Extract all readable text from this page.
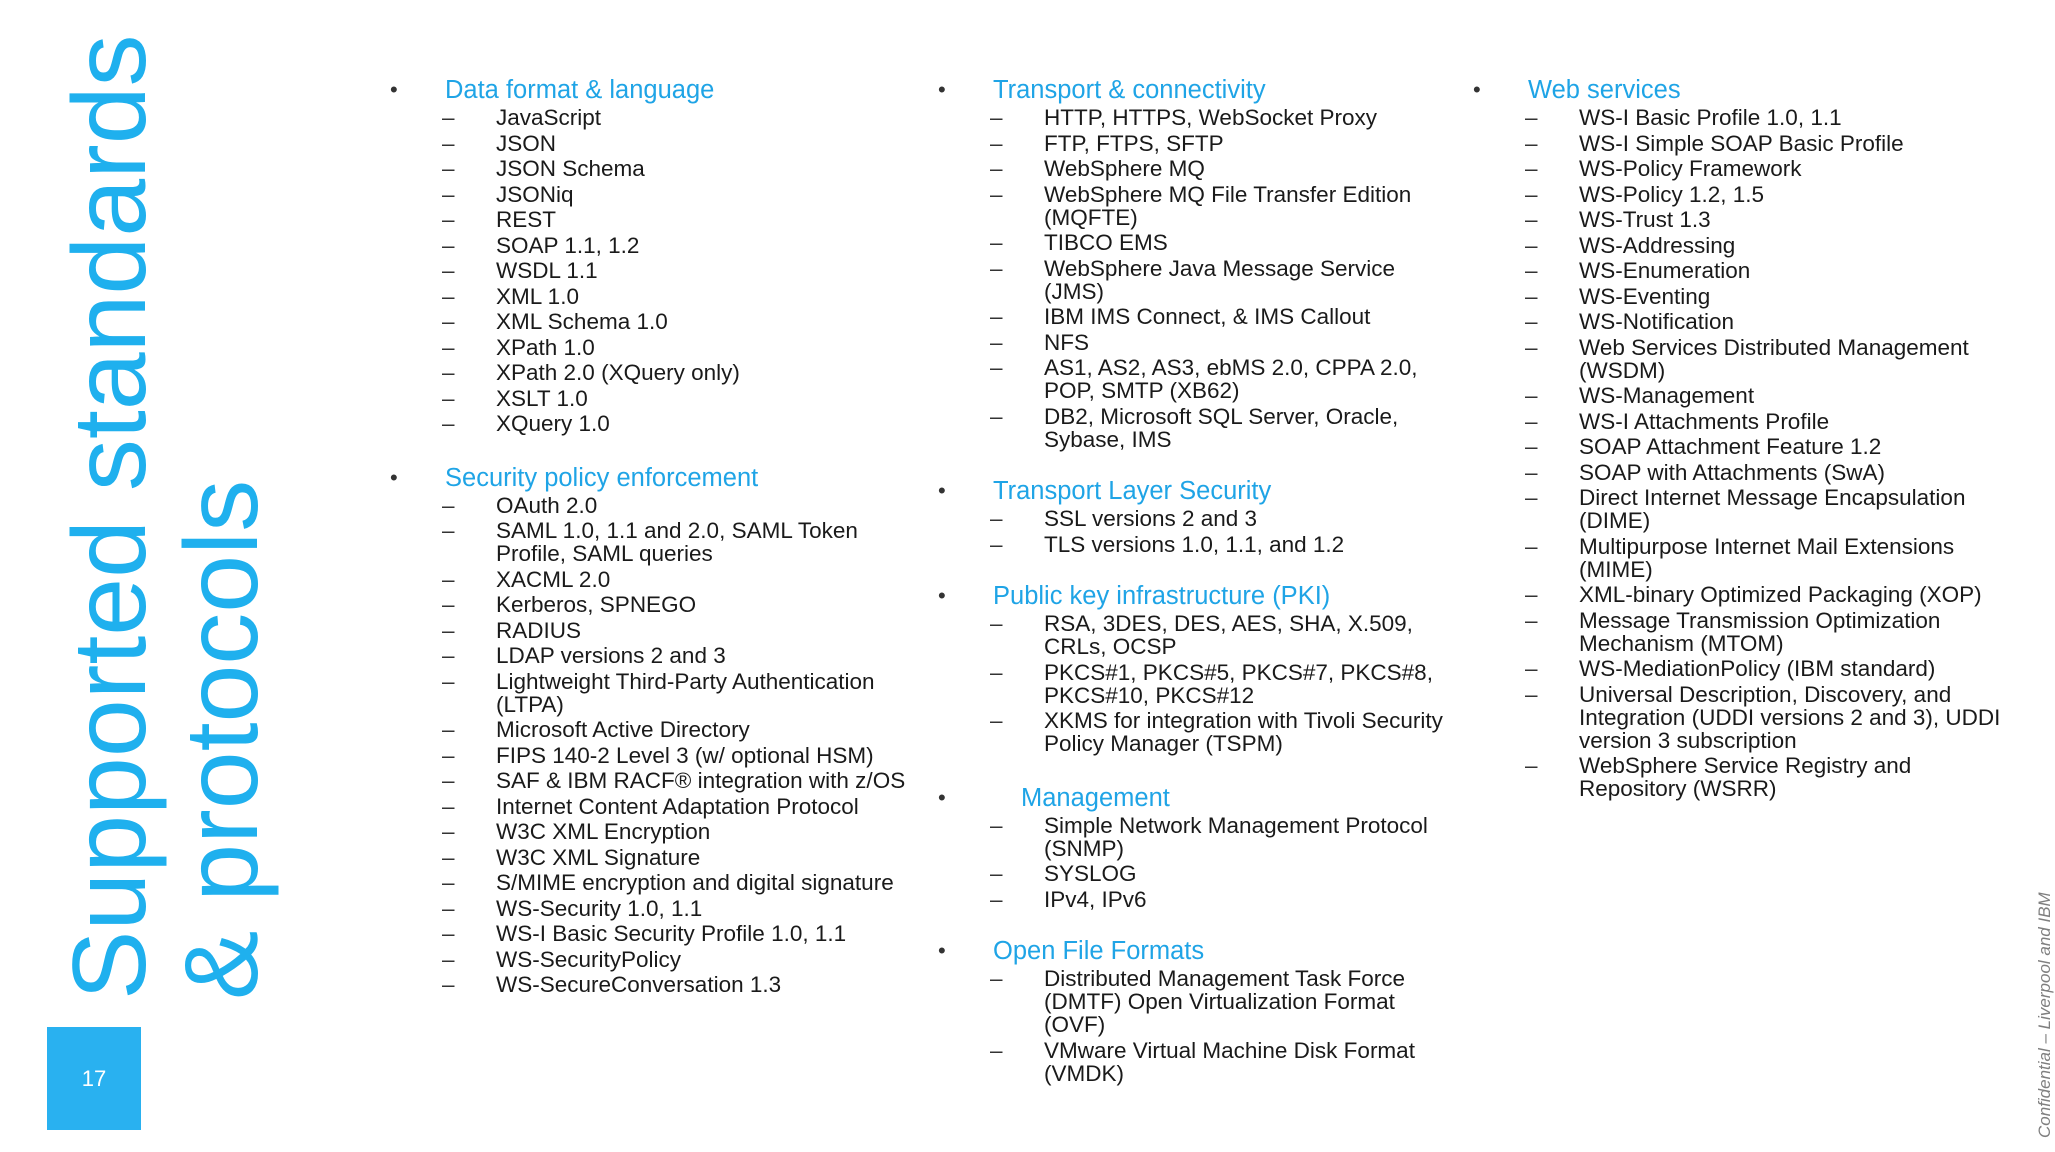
Supported standards
& protocols
17	Confidential – Liverpool and IBM
• Data format & language
– JavaScript
– JSON
– JSON Schema
– JSONiq
– REST
– SOAP 1.1, 1.2
– WSDL 1.1
– XML 1.0
– XML Schema 1.0
– XPath 1.0
– XPath 2.0 (XQuery only)
– XSLT 1.0
– XQuery 1.0
• Security policy enforcement
– OAuth 2.0
– SAML 1.0, 1.1 and 2.0, SAML Token Profile, SAML queries
– XACML 2.0
– Kerberos, SPNEGO
– RADIUS
– LDAP versions 2 and 3
– Lightweight Third-Party Authentication (LTPA)
– Microsoft Active Directory
– FIPS 140-2 Level 3 (w/ optional HSM)
– SAF & IBM RACF® integration with z/OS
– Internet Content Adaptation Protocol
– W3C XML Encryption
– W3C XML Signature
– S/MIME encryption and digital signature
– WS-Security 1.0, 1.1
– WS-I Basic Security Profile 1.0, 1.1
– WS-SecurityPolicy
– WS-SecureConversation 1.3
• Transport & connectivity
– HTTP, HTTPS, WebSocket Proxy
– FTP, FTPS, SFTP
– WebSphere MQ
– WebSphere MQ File Transfer Edition (MQFTE)
– TIBCO EMS
– WebSphere Java Message Service (JMS)
– IBM IMS Connect, & IMS Callout
– NFS
– AS1, AS2, AS3, ebMS 2.0, CPPA 2.0, POP, SMTP (XB62)
– DB2, Microsoft SQL Server, Oracle, Sybase, IMS
• Transport Layer Security
– SSL versions 2 and 3
– TLS versions 1.0, 1.1, and 1.2
• Public key infrastructure (PKI)
– RSA, 3DES, DES, AES, SHA, X.509, CRLs, OCSP
– PKCS#1, PKCS#5, PKCS#7, PKCS#8, PKCS#10, PKCS#12
– XKMS for integration with Tivoli Security Policy Manager (TSPM)
•	Management
– Simple Network Management Protocol (SNMP)
– SYSLOG
– IPv4, IPv6
• Open File Formats
– Distributed Management Task Force (DMTF) Open Virtualization Format (OVF)
– VMware Virtual Machine Disk Format (VMDK)
• Web services
– WS-I Basic Profile 1.0, 1.1
– WS-I Simple SOAP Basic Profile
– WS-Policy Framework
– WS-Policy 1.2, 1.5
– WS-Trust 1.3
– WS-Addressing
– WS-Enumeration
– WS-Eventing
– WS-Notification
– Web Services Distributed Management (WSDM)
– WS-Management
– WS-I Attachments Profile
– SOAP Attachment Feature 1.2
– SOAP with Attachments (SwA)
– Direct Internet Message Encapsulation (DIME)
– Multipurpose Internet Mail Extensions (MIME)
– XML-binary Optimized Packaging (XOP)
– Message Transmission Optimization Mechanism (MTOM)
– WS-MediationPolicy (IBM standard)
– Universal Description, Discovery, and Integration (UDDI versions 2 and 3), UDDI version 3 subscription
– WebSphere Service Registry and Repository (WSRR)
